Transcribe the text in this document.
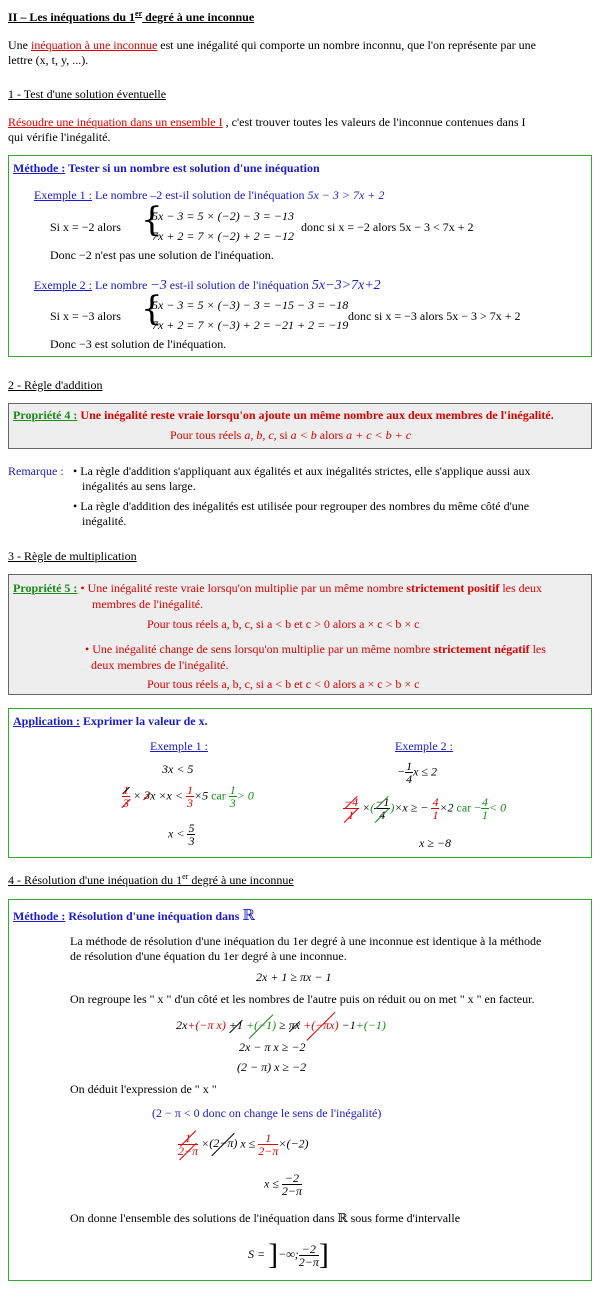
II – Les inéquations du 1er degré à une inconnue
Une inéquation à une inconnue est une inégalité qui comporte un nombre inconnu, que l'on représente par une
lettre (x, t, y, ...).
1 - Test d'une solution éventuelle
Résoudre une inéquation dans un ensemble I , c'est trouver toutes les valeurs de l'inconnue contenues dans I
qui vérifie l'inégalité.
Méthode : Tester si un nombre est solution d'une inéquation
Exemple 1 : Le nombre –2 est-il solution de l'inéquation 5x − 3 > 7x + 2
Si x = −2 alors {
5x − 3 = 5 × (−2) − 3 = −13
7x + 2 = 7 × (−2) + 2 = −12
donc si x = −2 alors 5x − 3 < 7x + 2
Donc −2 n'est pas une solution de l'inéquation.
Exemple 2 : Le nombre −3 est-il solution de l'inéquation 5x−3>7x+2
Si x = −3 alors {
5x − 3 = 5 × (−3) − 3 = −15 − 3 = −18
7x + 2 = 7 × (−3) + 2 = −21 + 2 = −19
donc si x = −3 alors 5x − 3 > 7x + 2
Donc −3 est solution de l'inéquation.
2 - Règle d'addition
Propriété 4 : Une inégalité reste vraie lorsqu'on ajoute un même nombre aux deux membres de l'inégalité.
Pour tous réels a, b, c, si a < b alors a + c < b + c
Remarque : • La règle d'addition s'appliquant aux égalités et aux inégalités strictes, elle s'applique aussi aux
inégalités au sens large.
• La règle d'addition des inégalités est utilisée pour regrouper des nombres du même côté d'une
inégalité.
3 - Règle de multiplication
Propriété 5 : • Une inégalité reste vraie lorsqu'on multiplie par un même nombre strictement positif les deux
membres de l'inégalité.
Pour tous réels a, b, c, si a < b et c > 0 alors a × c < b × c
• Une inégalité change de sens lorsqu'on multiplie par un même nombre strictement négatif les
deux membres de l'inégalité.
Pour tous réels a, b, c, si a < b et c < 0 alors a × c > b × c
Application : Exprimer la valeur de x.
Exemple 1 :
3x < 5
$\frac{1}{3} \times 3x \times x < \frac{1}{3} \times 5$ car $\frac{1}{3} > 0$
$x < \frac{5}{3}$
Exemple 2 :
− $\frac{1}{4}$ x ≤ 2
$\frac{-4}{1}$ ×( $\frac{-1}{4} )\times x$ ≥ − $\frac{4}{1} \times 2$ car − $\frac{4}{1} < 0$
x ≥ −8
4 - Résolution d'une inéquation du 1er degré à une inconnue
Méthode : Résolution d'une inéquation dans ℝ
La méthode de résolution d'une inéquation du 1er degré à une inconnue est identique à la méthode
de résolution d'une équation du 1er degré à une inconnue.
2x + 1 ≥ πx − 1
On regroupe les " x " d'un côté et les nombres de l'autre puis on réduit ou on met " x " en facteur.
2x+(−π x) +1 +(−1) ≥ πx +(−πx) −1+(−1)
2x − π x ≥ −2
(2 − π) x ≥ −2
On déduit l'expression de " x "
(2 − π < 0 donc on change le sens de l'inégalité)
$\frac{1}{2-\pi} \times(2-\pi) x \le \frac{1}{2-\pi} \times(-2)$
$x \le \frac{-2}{2-\pi}$
On donne l'ensemble des solutions de l'inéquation dans ℝ sous forme d'intervalle
S = ]−∞; $\frac{-2}{2-\pi}$ ]
